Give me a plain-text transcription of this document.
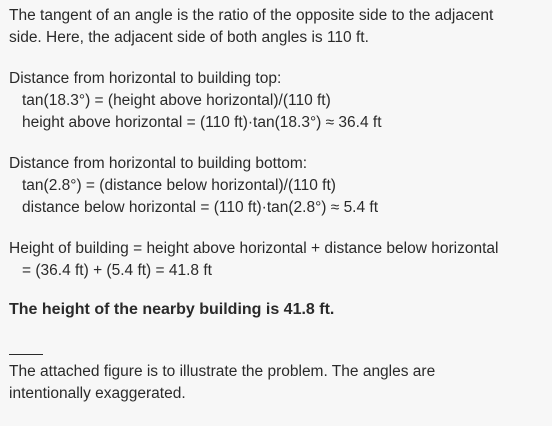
The tangent of an angle is the ratio of the opposite side to the adjacent
side. Here, the adjacent side of both angles is 110 ft.
Distance from horizontal to building top:
tan(18.3°) = (height above horizontal)/(110 ft)
height above horizontal = (110 ft)·tan(18.3°) ≈ 36.4 ft
Distance from horizontal to building bottom:
tan(2.8°) = (distance below horizontal)/(110 ft)
distance below horizontal = (110 ft)·tan(2.8°) ≈ 5.4 ft
Height of building = height above horizontal + distance below horizontal
= (36.4 ft) + (5.4 ft) = 41.8 ft
The height of the nearby building is 41.8 ft.
The attached figure is to illustrate the problem. The angles are
intentionally exaggerated.
